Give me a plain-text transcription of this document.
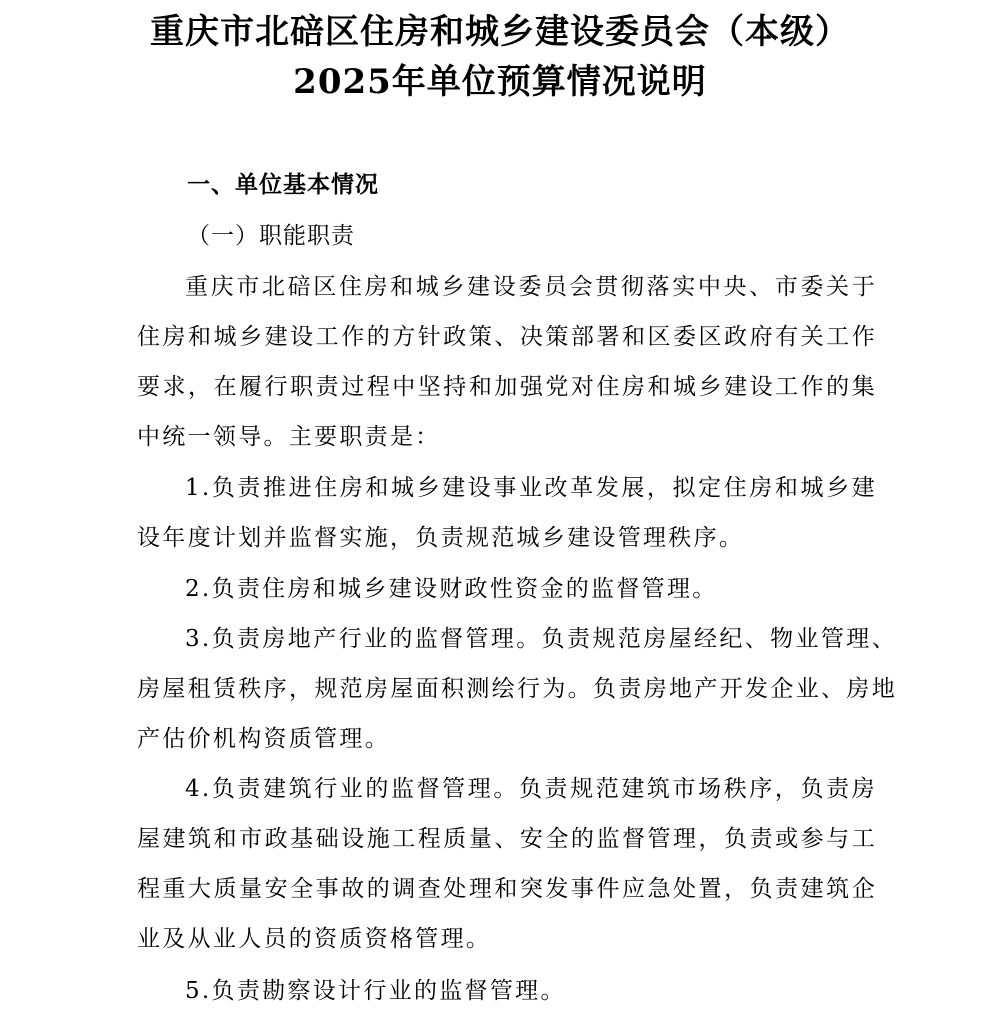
重庆市北碚区住房和城乡建设委员会（本级）
2025年单位预算情况说明
一、单位基本情况
（一）职能职责

重庆市北碚区住房和城乡建设委员会贯彻落实中央、市委关于住房和城乡建设工作的方针政策、决策部署和区委区政府有关工作要求，在履行职责过程中坚持和加强党对住房和城乡建设工作的集中统一领导。主要职责是：

1.负责推进住房和城乡建设事业改革发展，拟定住房和城乡建设年度计划并监督实施，负责规范城乡建设管理秩序。

2.负责住房和城乡建设财政性资金的监督管理。

3.负责房地产行业的监督管理。负责规范房屋经纪、物业管理、房屋租赁秩序，规范房屋面积测绘行为。负责房地产开发企业、房地产估价机构资质管理。

4.负责建筑行业的监督管理。负责规范建筑市场秩序，负责房屋建筑和市政基础设施工程质量、安全的监督管理，负责或参与工程重大质量安全事故的调查处理和突发事件应急处置，负责建筑企业及从业人员的资质资格管理。

5.负责勘察设计行业的监督管理。
